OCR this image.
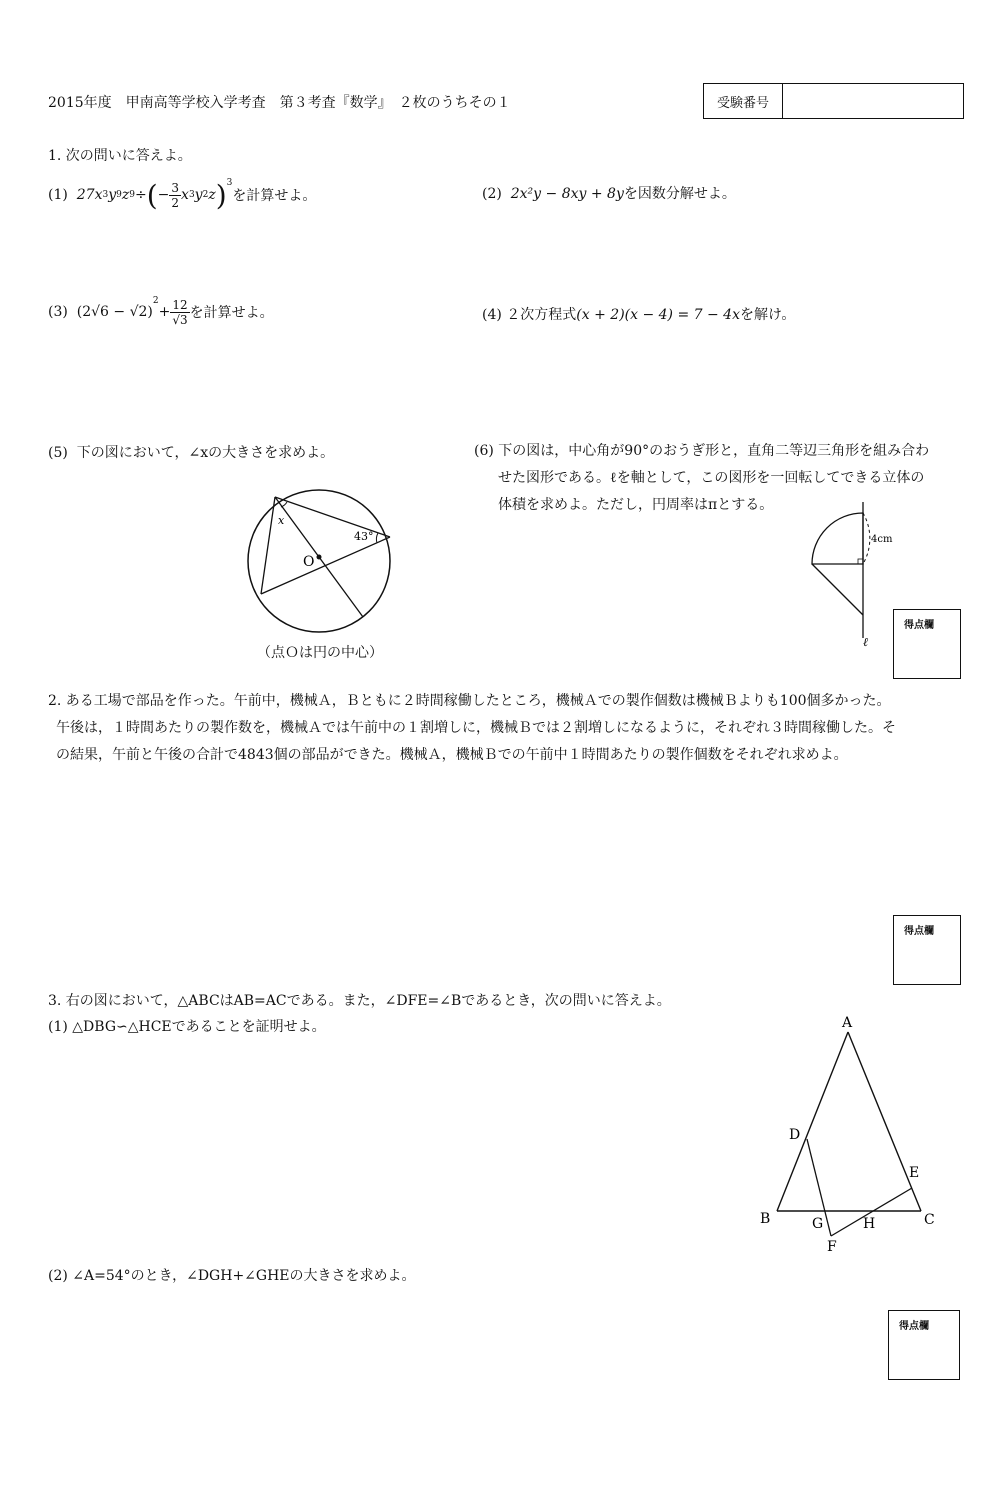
2015年度　甲南高等学校入学考査　第３考査『数学』　２枚のうちその１	受験番号
1. 次の問いに答えよ。
(1)
27x 3 y 9 z 9 ÷ ( − $\frac{3}{2}$ x 3 y 2 z )$^3$
を計算せよ。	(2) 2x²y − 8xy + 8yを因数分解せよ。
(3)
(2√6 − √2)
$^2$
+ $\frac{12}{√3}$ を計算せよ。	(4) ２次方程式(x + 2)(x − 4) = 7 − 4xを解け。
(5) 下の図において，∠xの大きさを求めよ。
x
43°
O
（点Ｏは円の中心）
(6) 下の図は，中心角が90°のおうぎ形と，直角二等辺三角形を組み合わ
せた図形である。ℓを軸として，この図形を一回転してできる立体の
体積を求めよ。ただし，円周率はπとする。
4cm
ℓ
得点欄
2. ある工場で部品を作った。午前中，機械Ａ，Ｂともに２時間稼働したところ，機械Ａでの製作個数は機械Ｂよりも100個多かった。
午後は，１時間あたりの製作数を，機械Ａでは午前中の１割増しに，機械Ｂでは２割増しになるように，それぞれ３時間稼働した。そ
の結果，午前と午後の合計で4843個の部品ができた。機械Ａ，機械Ｂでの午前中１時間あたりの製作個数をそれぞれ求めよ。
得点欄
3. 右の図において，△ABCはAB=ACである。また，∠DFE=∠Bであるとき，次の問いに答えよ。
(1) △DBG∽△HCEであることを証明せよ。	A
B	C
D
E
F
G	H
(2) ∠A=54°のとき，∠DGH+∠GHEの大きさを求めよ。
得点欄
